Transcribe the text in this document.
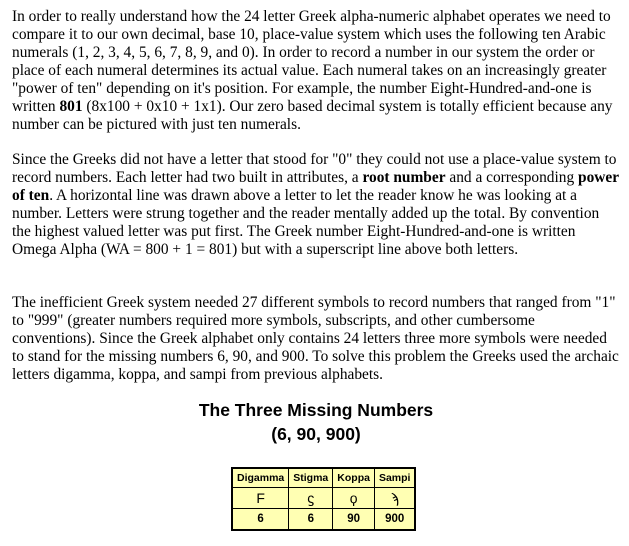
In order to really understand how the 24 letter Greek alpha-numeric alphabet operates we need to compare it to our own decimal, base 10, place-value system which uses the following ten Arabic numerals (1, 2, 3, 4, 5, 6, 7, 8, 9, and 0). In order to record a number in our system the order or place of each numeral determines its actual value. Each numeral takes on an increasingly greater "power of ten" depending on it's position. For example, the number Eight-Hundred-and-one is written 801 (8x100 + 0x10 + 1x1). Our zero based decimal system is totally efficient because any number can be pictured with just ten numerals.

Since the Greeks did not have a letter that stood for "0" they could not use a place-value system to record numbers. Each letter had two built in attributes, a root number and a corresponding power of ten. A horizontal line was drawn above a letter to let the reader know he was looking at a number. Letters were strung together and the reader mentally added up the total. By convention the highest valued letter was put first. The Greek number Eight-Hundred-and-one is written Omega Alpha (WA = 800 + 1 = 801) but with a superscript line above both letters.

The inefficient Greek system needed 27 different symbols to record numbers that ranged from "1" to "999" (greater numbers required more symbols, subscripts, and other cumbersome conventions). Since the Greek alphabet only contains 24 letters three more symbols were needed to stand for the missing numbers 6, 90, and 900. To solve this problem the Greeks used the archaic letters digamma, koppa, and sampi from previous alphabets.

The Three Missing Numbers
(6, 90, 900)
Digamma	Stigma	Koppa	Sampi
F	ϛ	ϙ	ϡ
6	6	90	900
